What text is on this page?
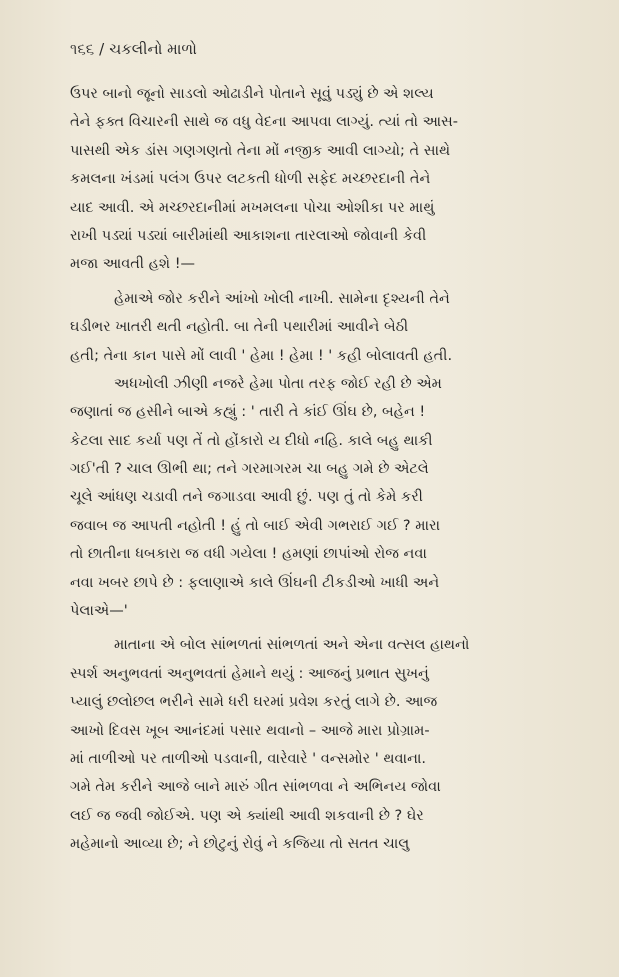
૧૬૬ / ચકલીનો માળો
ઉપર બાનો જૂનો સાડલો ઓઢાડીને પોતાને સૂવું પડ્યું છે એ શલ્ય
તેને ફક્ત વિચારની સાથે જ વધુ વેદના આપવા લાગ્યું. ત્યાં તો આસ-
પાસથી એક ડાંસ ગણગણતો તેના મોં નજીક આવી લાગ્યો; તે સાથે
કમલના ખંડમાં પલંગ ઉપર લટકતી ધોળી સફેદ મચ્છરદાની તેને
યાદ આવી. એ મચ્છરદાનીમાં મખમલના પોચા ઓશીકા પર માથું
રાખી પડ્યાં પડ્યાં બારીમાંથી આકાશના તારલાઓ જોવાની કેવી
મજા આવતી હશે !—
હેમાએ જોર કરીને આંખો ખોલી નાખી. સામેના દૃશ્યની તેને
ઘડીભર ખાતરી થતી નહોતી. બા તેની પથારીમાં આવીને બેઠી
હતી; તેના કાન પાસે મોં લાવી ' હેમા ! હેમા ! ' કહી બોલાવતી હતી.
અધખોલી ઝીણી નજરે હેમા પોતા તરફ જોઈ રહી છે એમ
જણાતાં જ હસીને બાએ કહ્યું : ' તારી તે કાંઈ ઊંઘ છે, બહેન !
કેટલા સાદ કર્યા પણ તેં તો હોંકારો ય દીધો નહિ. કાલે બહુ થાકી
ગઈ'તી ? ચાલ ઊભી થા; તને ગરમાગરમ ચા બહુ ગમે છે એટલે
ચૂલે આંધણ ચડાવી તને જગાડવા આવી છું. પણ તું તો કેમે કરી
જવાબ જ આપતી નહોતી ! હું તો બાઈ એવી ગભરાઈ ગઈ ? મારા
તો છાતીના ધબકારા જ વધી ગયેલા ! હમણાં છાપાંઓ રોજ નવા
નવા ખબર છાપે છે : ફલાણાએ કાલે ઊંઘની ટીકડીઓ ખાધી અને
પેલાએ—'
માતાના એ બોલ સાંભળતાં સાંભળતાં અને એના વત્સલ હાથનો
સ્પર્શ અનુભવતાં અનુભવતાં હેમાને થયું : આજનું પ્રભાત સુખનું
પ્યાલું છલોછલ ભરીને સામે ધરી ઘરમાં પ્રવેશ કરતું લાગે છે. આજ
આખો દિવસ ખૂબ આનંદમાં પસાર થવાનો – આજે મારા પ્રોગ્રામ-
માં તાળીઓ પર તાળીઓ પડવાની, વારેવારે ' વન્સમોર ' થવાના.
ગમે તેમ કરીને આજે બાને મારું ગીત સાંભળવા ને અભિનય જોવા
લઈ જ જવી જોઈએ. પણ એ ક્યાંથી આવી શકવાની છે ? ઘેર
મહેમાનો આવ્યા છે; ને છોટુનું રોવું ને કજિયા તો સતત ચાલુ
